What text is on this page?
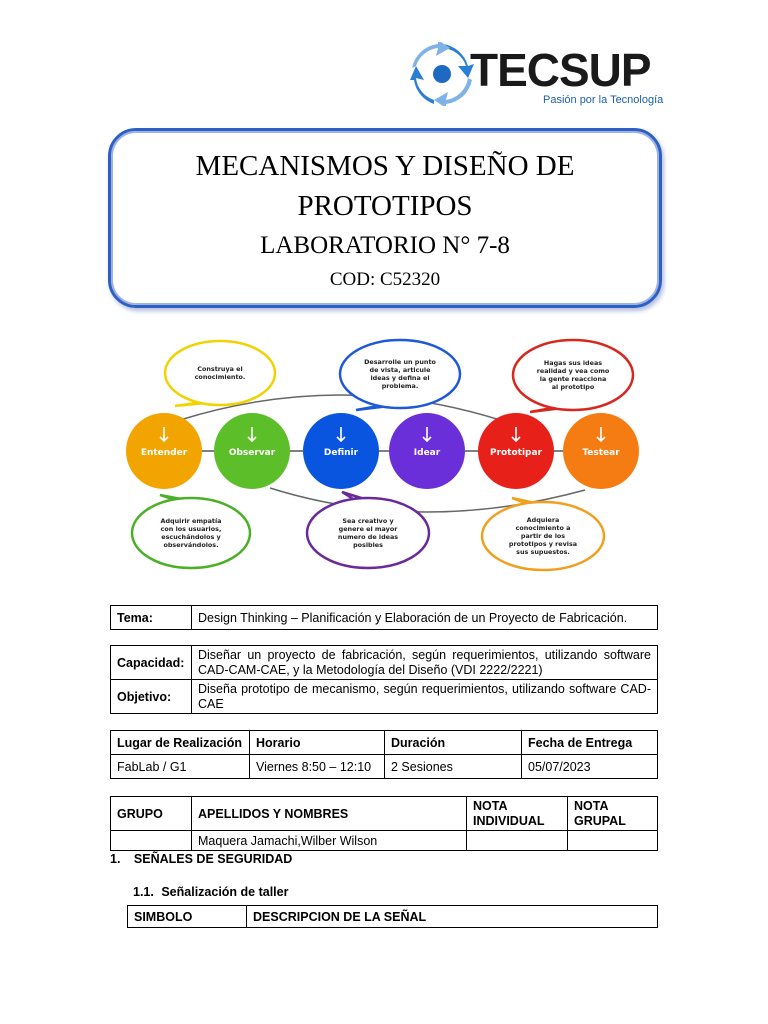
TECSUP
Pasión por la Tecnología
MECANISMOS Y DISEÑO DE
PROTOTIPOS
LABORATORIO N° 7-8
COD: C52320
Construya el
conocimiento.
Desarrolle un punto
de vista, articule
ideas y defina el
problema.
Hagas sus ideas
realidad y vea como
la gente reacciona
al prototipo
Adquirir empatía
con los usuarios,
escuchándolos y
observándolos.
Sea creativo y
genere el mayor
numero de ideas
posibles
Adquiera
conocimiento a
partir de los
prototipos y revisa
sus supuestos.
Entender	Observar	Definir	Idear	Prototipar	Testear
Tema:	Design Thinking – Planificación y Elaboración de un Proyecto de Fabricación.
Capacidad:	Diseñar un proyecto de fabricación, según requerimientos, utilizando software CAD-CAM-CAE, y la Metodología del Diseño (VDI 2222/2221)
Objetivo:	Diseña prototipo de mecanismo, según requerimientos, utilizando software CAD-CAE
Lugar de Realización	Horario	Duración	Fecha de Entrega
FabLab / G1	Viernes 8:50 – 12:10	2 Sesiones	05/07/2023
GRUPO	APELLIDOS Y NOMBRES	NOTA INDIVIDUAL	NOTA GRUPAL
	Maquera Jamachi,Wilber Wilson		
1. SEÑALES DE SEGURIDAD
1.1. Señalización de taller
SIMBOLO	DESCRIPCION DE LA SEÑAL
